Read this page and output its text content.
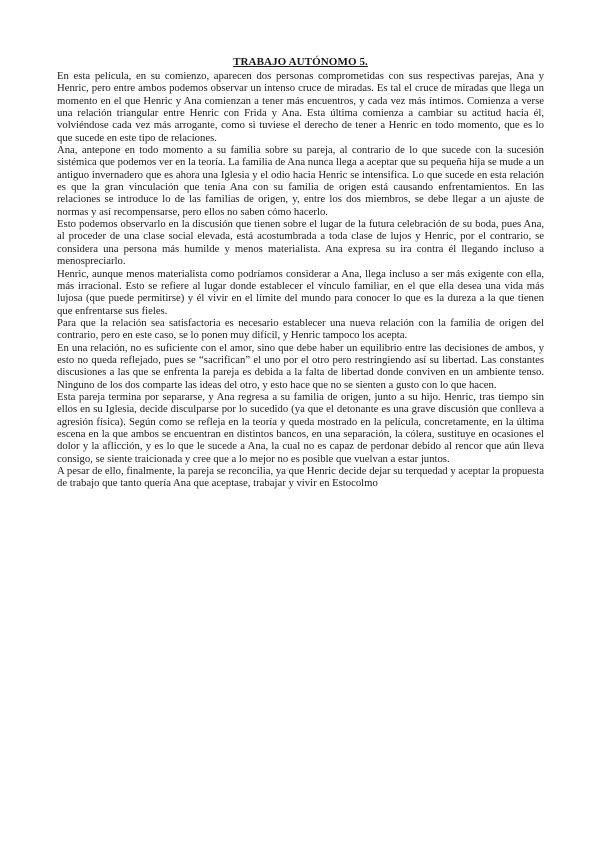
TRABAJO AUTÓNOMO 5.

En esta película, en su comienzo, aparecen dos personas comprometidas con sus respectivas parejas, Ana y Henric, pero entre ambos podemos observar un intenso cruce de miradas. Es tal el cruce de miradas que llega un momento en el que Henric y Ana comienzan a tener más encuentros, y cada vez más íntimos. Comienza a verse una relación triangular entre Henric con Frida y Ana. Esta última comienza a cambiar su actitud hacia él, volviéndose cada vez más arrogante, como si tuviese el derecho de tener a Henric en todo momento, que es lo que sucede en este tipo de relaciones.

Ana, antepone en todo momento a su familia sobre su pareja, al contrario de lo que sucede con la sucesión sistémica que podemos ver en la teoría. La familia de Ana nunca llega a aceptar que su pequeña hija se mude a un antiguo invernadero que es ahora una Iglesia y el odio hacia Henric se intensifica. Lo que sucede en esta relación es que la gran vinculación que tenía Ana con su familia de origen está causando enfrentamientos. En las relaciones se introduce lo de las familias de origen, y, entre los dos miembros, se debe llegar a un ajuste de normas y así recompensarse, pero ellos no saben cómo hacerlo.

Esto podemos observarlo en la discusión que tienen sobre el lugar de la futura celebración de su boda, pues Ana, al proceder de una clase social elevada, está acostumbrada a toda clase de lujos y Henric, por el contrario, se considera una persona más humilde y menos materialista. Ana expresa su ira contra él llegando incluso a menospreciarlo.

Henric, aunque menos materialista como podríamos considerar a Ana, llega incluso a ser más exigente con ella, más irracional. Esto se refiere al lugar donde establecer el vínculo familiar, en el que ella desea una vida más lujosa (que puede permitirse) y él vivir en el límite del mundo para conocer lo que es la dureza a la que tienen que enfrentarse sus fieles.

Para que la relación sea satisfactoria es necesario establecer una nueva relación con la familia de origen del contrario, pero en este caso, se lo ponen muy difícil, y Henric tampoco los acepta.

En una relación, no es suficiente con el amor, sino que debe haber un equilibrio entre las decisiones de ambos, y esto no queda reflejado, pues se “sacrifican” el uno por el otro pero restringiendo así su libertad. Las constantes discusiones a las que se enfrenta la pareja es debida a la falta de libertad donde conviven en un ambiente tenso. Ninguno de los dos comparte las ideas del otro, y esto hace que no se sienten a gusto con lo que hacen.

Esta pareja termina por separarse, y Ana regresa a su familia de origen, junto a su hijo. Henric, tras tiempo sin ellos en su Iglesia, decide disculparse por lo sucedido (ya que el detonante es una grave discusión que conlleva a agresión física). Según como se refleja en la teoría y queda mostrado en la película, concretamente, en la última escena en la que ambos se encuentran en distintos bancos, en una separación, la cólera, sustituye en ocasiones el dolor y la aflicción, y es lo que le sucede a Ana, la cual no es capaz de perdonar debido al rencor que aún lleva consigo, se siente traicionada y cree que a lo mejor no es posible que vuelvan a estar juntos.

A pesar de ello, finalmente, la pareja se reconcilia, ya que Henric decide dejar su terquedad y aceptar la propuesta de trabajo que tanto quería Ana que aceptase, trabajar y vivir en Estocolmo
